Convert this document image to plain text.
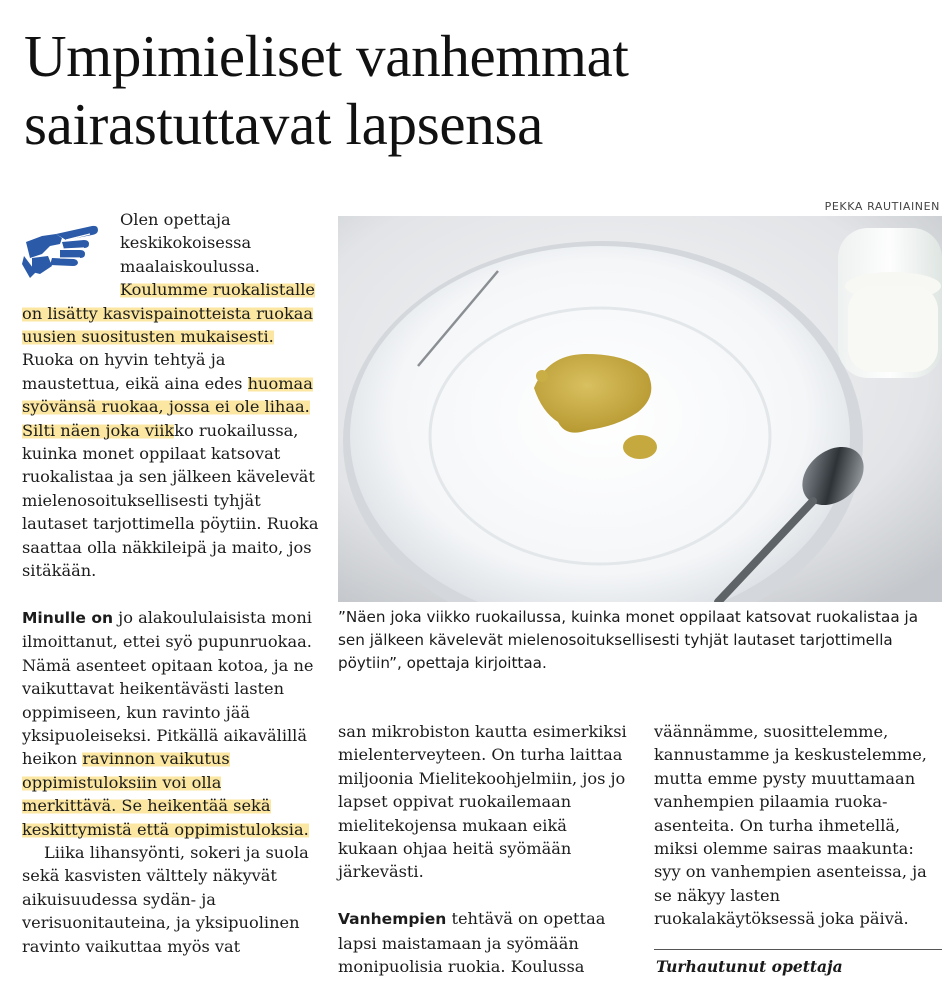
Umpimieliset vanhemmat
sairastuttavat lapsensa

Olen opettaja keskikokoisessa maalaiskoulussa. Koulumme ruokalistalle on lisätty kasvispainotteista ruokaa uusien suositusten mukaisesti. Ruoka on hyvin tehtyä ja maustettua, eikä aina edes huomaa syövänsä ruokaa, jossa ei ole lihaa. Silti näen joka viikko ruokailussa, kuinka monet oppilaat katsovat ruokalistaa ja sen jälkeen kävelevät mielenosoituksellisesti tyhjät lautaset tarjottimella pöytiin. Ruoka saattaa olla näkkileipä ja maito, jos sitäkään.

Minulle on jo alakoululaisista moni ilmoittanut, ettei syö pupunruokaa. Nämä asenteet opitaan kotoa, ja ne vaikuttavat heikentävästi lasten oppimiseen, kun ravinto jää yksipuoleiseksi. Pitkällä aikavälillä heikon ravinnon vaikutus oppimistuloksiin voi olla merkittävä. Se heikentää sekä keskittymistä että oppimistuloksia.

Liika lihansyönti, sokeri ja suola sekä kasvisten välttely näkyvät aikuisuudessa sydän- ja verisuonitauteina, ja yksipuolinen ravinto vaikuttaa myös vat

PEKKA RAUTIAINEN

”Näen joka viikko ruokailussa, kuinka monet oppilaat katsovat ruokalistaa ja sen jälkeen kävelevät mielenosoituksellisesti tyhjät lautaset tarjottimella pöytiin”, opettaja kirjoittaa.

san mikrobiston kautta esimerkiksi mielenterveyteen. On turha laittaa miljoonia Mielitekoohjelmiin, jos jo lapset oppivat ruokailemaan mielitekojensa mukaan eikä kukaan ohjaa heitä syömään järkevästi.

Vanhempien tehtävä on opettaa lapsi maistamaan ja syömään monipuolisia ruokia. Koulussa

väännämme, suosittelemme, kannustamme ja keskustelemme, mutta emme pysty muuttamaan vanhempien pilaamia ruoka-asenteita. On turha ihmetellä, miksi olemme sairas maakunta: syy on vanhempien asenteissa, ja se näkyy lasten ruokalakäytöksessä joka päivä.

Turhautunut opettaja
